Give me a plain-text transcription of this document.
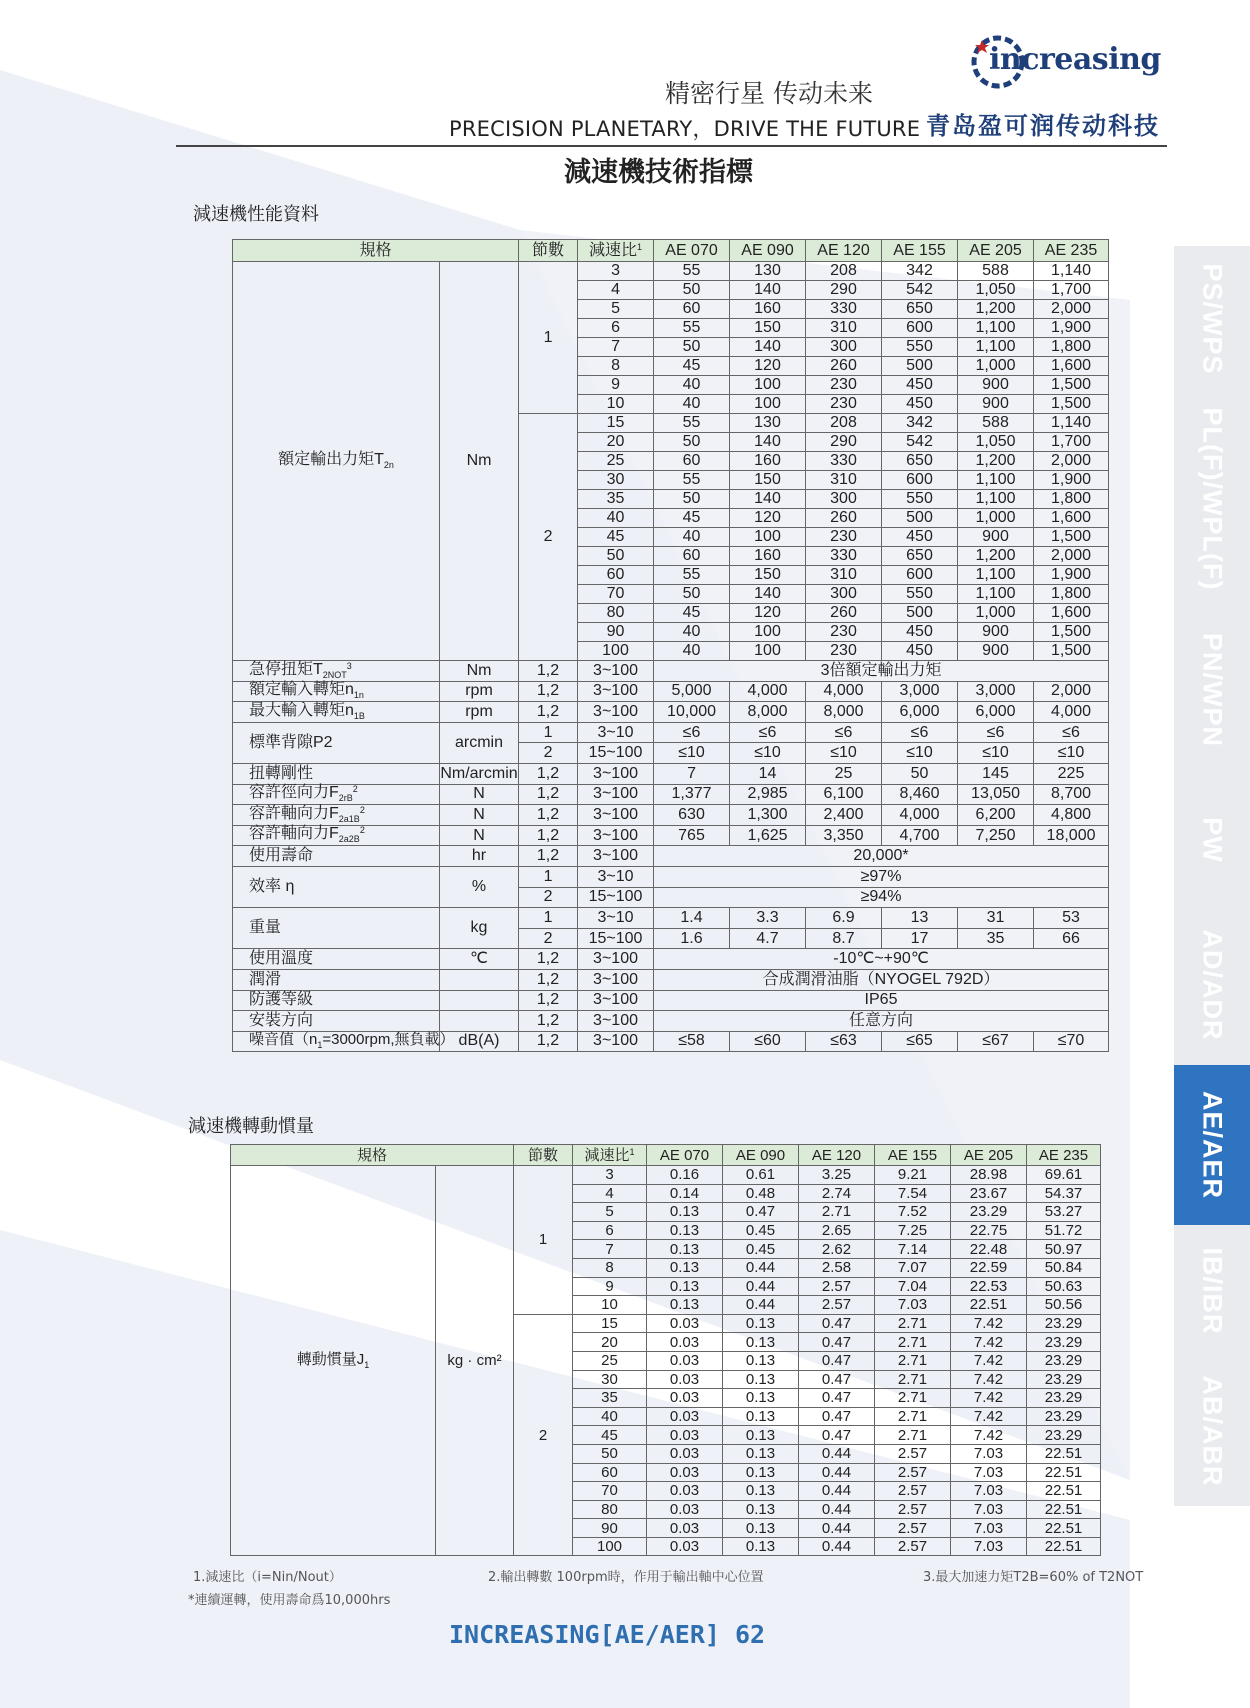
精密行星 传动未来
PRECISION PLANETARY，DRIVE THE FUTURE
increasing
青岛盈可润传动科技
減速機技術指標
減速機性能資料
規格		節數	減速比$^1$	AE 070	AE 090	AE 120	AE 155	AE 205	AE 235
額定輸出力矩$T_{2n}$	Nm	1	3	55	130	208	342	588	1,140
			4	50	140	290	542	1,050	1,700
			5	60	160	330	650	1,200	2,000
			6	55	150	310	600	1,100	1,900
			7	50	140	300	550	1,100	1,800
			8	45	120	260	500	1,000	1,600
			9	40	100	230	450	900	1,500
			10	40	100	230	450	900	1,500
		2	15	55	130	208	342	588	1,140
			20	50	140	290	542	1,050	1,700
			25	60	160	330	650	1,200	2,000
			30	55	150	310	600	1,100	1,900
			35	50	140	300	550	1,100	1,800
			40	45	120	260	500	1,000	1,600
			45	40	100	230	450	900	1,500
			50	60	160	330	650	1,200	2,000
			60	55	150	310	600	1,100	1,900
			70	50	140	300	550	1,100	1,800
			80	45	120	260	500	1,000	1,600
			90	40	100	230	450	900	1,500
			100	40	100	230	450	900	1,500
急停扭矩$T_{2NOT}^3$	Nm	1,2	3~100	3倍額定輸出力矩					
額定輸入轉矩$n_{1n}$	rpm	1,2	3~100	5,000	4,000	4,000	3,000	3,000	2,000
最大輸入轉矩$n_{1B}$	rpm	1,2	3~100	10,000	8,000	8,000	6,000	6,000	4,000
標準背隙P2	arcmin	1	3~10	≤6	≤6	≤6	≤6	≤6	≤6
		2	15~100	≤10	≤10	≤10	≤10	≤10	≤10
扭轉剛性	Nm/arcmin	1,2	3~100	7	14	25	50	145	225
容許徑向力$F_{2rB}^2$	N	1,2	3~100	1,377	2,985	6,100	8,460	13,050	8,700
容許軸向力$F_{2a1B}^2$	N	1,2	3~100	630	1,300	2,400	4,000	6,200	4,800
容許軸向力$F_{2a2B}^2$	N	1,2	3~100	765	1,625	3,350	4,700	7,250	18,000
使用壽命	hr	1,2	3~100	20,000*					
效率 η	%	1	3~10	≥97%					
		2	15~100	≥94%					
重量	kg	1	3~10	1.4	3.3	6.9	13	31	53
		2	15~100	1.6	4.7	8.7	17	35	66
使用溫度	℃	1,2	3~100	-10℃~+90℃					
潤滑		1,2	3~100	合成潤滑油脂（NYOGEL 792D）					
防護等級		1,2	3~100	IP65					
安裝方向		1,2	3~100	任意方向					
噪音值（$n_1=3000rpm$,無負載）	dB(A)	1,2	3~100	≤58	≤60	≤63	≤65	≤67	≤70
減速機轉動慣量
規格		節數	減速比$^1$	AE 070	AE 090	AE 120	AE 155	AE 205	AE 235
轉動慣量$J_1$	kg · cm²	1	3	0.16	0.61	3.25	9.21	28.98	69.61
			4	0.14	0.48	2.74	7.54	23.67	54.37
			5	0.13	0.47	2.71	7.52	23.29	53.27
			6	0.13	0.45	2.65	7.25	22.75	51.72
			7	0.13	0.45	2.62	7.14	22.48	50.97
			8	0.13	0.44	2.58	7.07	22.59	50.84
			9	0.13	0.44	2.57	7.04	22.53	50.63
			10	0.13	0.44	2.57	7.03	22.51	50.56
		2	15	0.03	0.13	0.47	2.71	7.42	23.29
			20	0.03	0.13	0.47	2.71	7.42	23.29
			25	0.03	0.13	0.47	2.71	7.42	23.29
			30	0.03	0.13	0.47	2.71	7.42	23.29
			35	0.03	0.13	0.47	2.71	7.42	23.29
			40	0.03	0.13	0.47	2.71	7.42	23.29
			45	0.03	0.13	0.47	2.71	7.42	23.29
			50	0.03	0.13	0.44	2.57	7.03	22.51
			60	0.03	0.13	0.44	2.57	7.03	22.51
			70	0.03	0.13	0.44	2.57	7.03	22.51
			80	0.03	0.13	0.44	2.57	7.03	22.51
			90	0.03	0.13	0.44	2.57	7.03	22.51
			100	0.03	0.13	0.44	2.57	7.03	22.51
1.減速比（i=Nin/Nout）	2.輸出轉數 100rpm時，作用于輸出軸中心位置	3.最大加速力矩T2B=60% of T2NOT
*連續運轉，使用壽命爲10,000hrs
INCREASING[AE/AER] 62
PS/WPS
PL(F)/WPL(F)
PN/WPN
PW
AD/ADR
AE/AER
IB/IBR
AB/ABR
